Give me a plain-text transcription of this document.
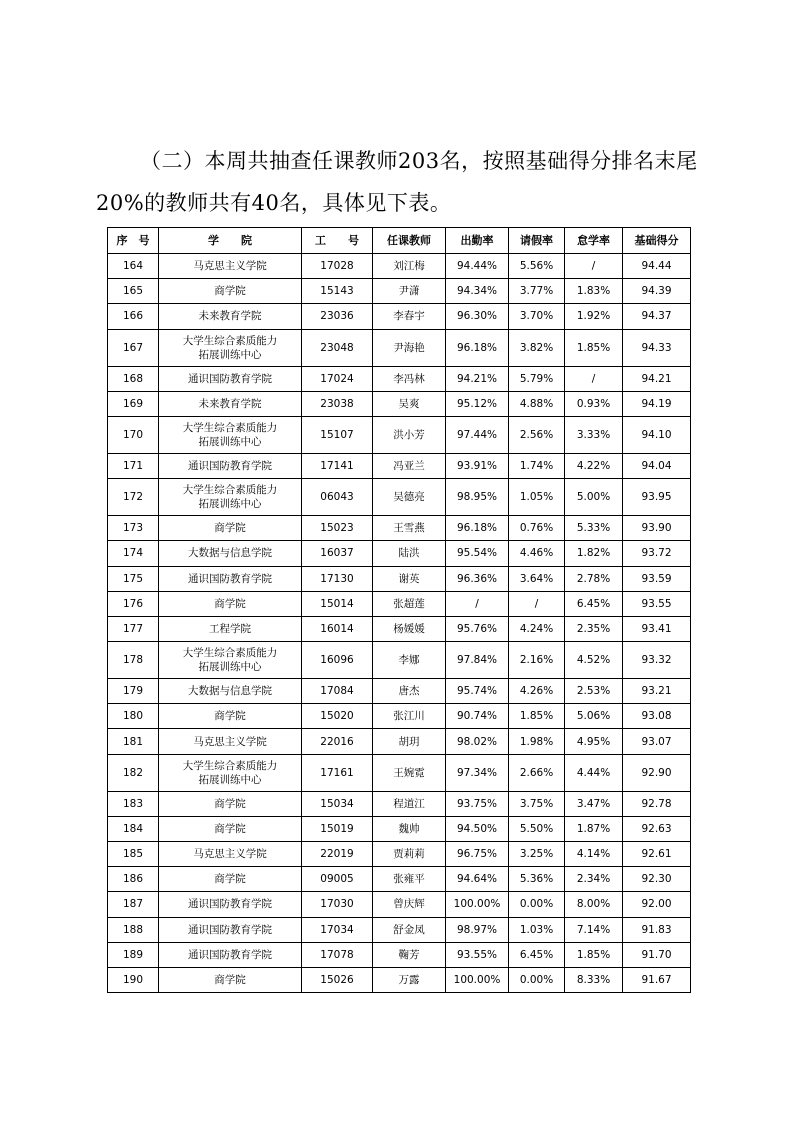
（二）本周共抽查任课教师203名，按照基础得分排名末尾

20%的教师共有40名，具体见下表。

序　号	学　　院	工　　号	任课教师	出勤率	请假率	怠学率	基础得分
164	马克思主义学院	17028	刘江梅	94.44%	5.56%	/	94.44
165	商学院	15143	尹潇	94.34%	3.77%	1.83%	94.39
166	未来教育学院	23036	李春宇	96.30%	3.70%	1.92%	94.37
167	大学生综合素质能力
拓展训练中心	23048	尹海艳	96.18%	3.82%	1.85%	94.33
168	通识国防教育学院	17024	李冯林	94.21%	5.79%	/	94.21
169	未来教育学院	23038	吴爽	95.12%	4.88%	0.93%	94.19
170	大学生综合素质能力
拓展训练中心	15107	洪小芳	97.44%	2.56%	3.33%	94.10
171	通识国防教育学院	17141	冯亚兰	93.91%	1.74%	4.22%	94.04
172	大学生综合素质能力
拓展训练中心	06043	吴德亮	98.95%	1.05%	5.00%	93.95
173	商学院	15023	王雪燕	96.18%	0.76%	5.33%	93.90
174	大数据与信息学院	16037	陆洪	95.54%	4.46%	1.82%	93.72
175	通识国防教育学院	17130	谢英	96.36%	3.64%	2.78%	93.59
176	商学院	15014	张超莲	/	/	6.45%	93.55
177	工程学院	16014	杨媛媛	95.76%	4.24%	2.35%	93.41
178	大学生综合素质能力
拓展训练中心	16096	李娜	97.84%	2.16%	4.52%	93.32
179	大数据与信息学院	17084	唐杰	95.74%	4.26%	2.53%	93.21
180	商学院	15020	张江川	90.74%	1.85%	5.06%	93.08
181	马克思主义学院	22016	胡玥	98.02%	1.98%	4.95%	93.07
182	大学生综合素质能力
拓展训练中心	17161	王婉霓	97.34%	2.66%	4.44%	92.90
183	商学院	15034	程道江	93.75%	3.75%	3.47%	92.78
184	商学院	15019	魏帅	94.50%	5.50%	1.87%	92.63
185	马克思主义学院	22019	贾莉莉	96.75%	3.25%	4.14%	92.61
186	商学院	09005	张雍平	94.64%	5.36%	2.34%	92.30
187	通识国防教育学院	17030	曾庆辉	100.00%	0.00%	8.00%	92.00
188	通识国防教育学院	17034	舒金凤	98.97%	1.03%	7.14%	91.83
189	通识国防教育学院	17078	鞠芳	93.55%	6.45%	1.85%	91.70
190	商学院	15026	万露	100.00%	0.00%	8.33%	91.67
